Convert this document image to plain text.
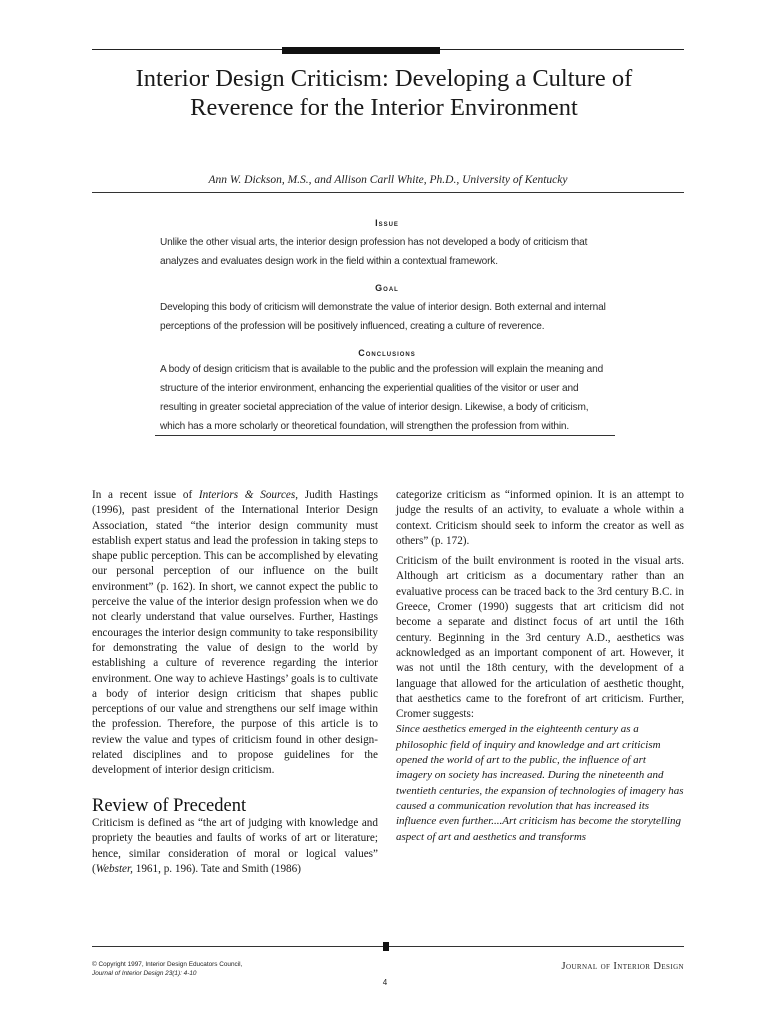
Interior Design Criticism: Developing a Culture of Reverence for the Interior Environment
Ann W. Dickson, M.S., and Allison Carll White, Ph.D., University of Kentucky
Issue
Unlike the other visual arts, the interior design profession has not developed a body of criticism that analyzes and evaluates design work in the field within a contextual framework.
Goal
Developing this body of criticism will demonstrate the value of interior design. Both external and internal perceptions of the profession will be positively influenced, creating a culture of reverence.
Conclusions
A body of design criticism that is available to the public and the profession will explain the meaning and structure of the interior environment, enhancing the experiential qualities of the visitor or user and resulting in greater societal appreciation of the value of interior design. Likewise, a body of criticism, which has a more scholarly or theoretical foundation, will strengthen the profession from within.

In a recent issue of Interiors & Sources, Judith Hastings (1996), past president of the International Interior Design Association, stated “the interior design community must establish expert status and lead the profession in taking steps to shape public perception. This can be accomplished by elevating our personal perception of our influence on the built environment” (p. 162). In short, we cannot expect the public to perceive the value of the interior design profession when we do not clearly understand that value ourselves. Further, Hastings encourages the interior design community to take responsibility for demonstrating the value of design to the world by establishing a culture of reverence regarding the interior environment. One way to achieve Hastings’ goals is to cultivate a body of interior design criticism that shapes public perceptions of our value and strengthens our self image within the profession. Therefore, the purpose of this article is to review the value and types of criticism found in other design-related disciplines and to propose guidelines for the development of interior design criticism.

Review of Precedent

Criticism is defined as “the art of judging with knowledge and propriety the beauties and faults of works of art or literature; hence, similar consideration of moral or logical values” (Webster, 1961, p. 196). Tate and Smith (1986)

categorize criticism as “informed opinion. It is an attempt to judge the results of an activity, to evaluate a whole within a context. Criticism should seek to inform the creator as well as others” (p. 172).

Criticism of the built environment is rooted in the visual arts. Although art criticism as a documentary rather than an evaluative process can be traced back to the 3rd century B.C. in Greece, Cromer (1990) suggests that art criticism did not become a separate and distinct focus of art until the 16th century. Beginning in the 3rd century A.D., aesthetics was acknowledged as an important component of art. However, it was not until the 18th century, with the development of a language that allowed for the articulation of aesthetic thought, that aesthetics came to the forefront of art criticism. Further, Cromer suggests:

Since aesthetics emerged in the eighteenth century as a philosophic field of inquiry and knowledge and art criticism opened the world of art to the public, the influence of art imagery on society has increased. During the nineteenth and twentieth centuries, the expansion of technologies of imagery has caused a communication revolution that has increased its influence even further....Art criticism has become the storytelling aspect of art and aesthetics and transforms

© Copyright 1997, Interior Design Educators Council,
Journal of Interior Design 23(1): 4-10
Journal of Interior Design
4
